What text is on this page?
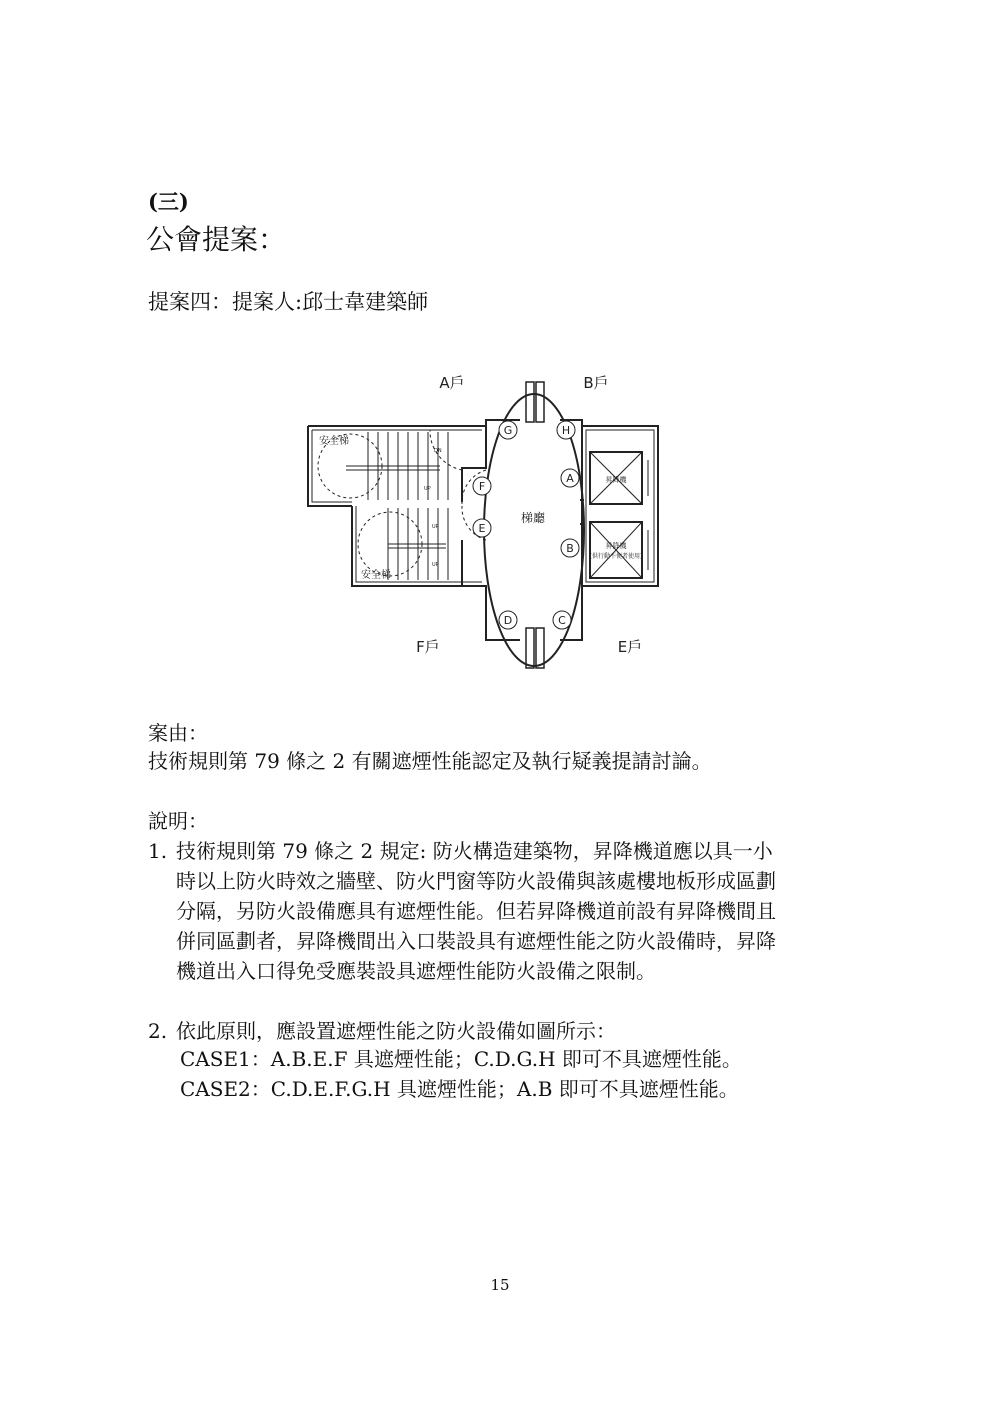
(三)
公會提案：
提案四：提案人:邱士韋建築師
G	H
A
B
F
E
D	C
A戶	B戶
F戶	E戶
梯廳
安全梯
安全梯
昇降機
昇降機
(供行動不便者使用)
DN
UP
UP
UP
案由：
技術規則第 79 條之 2 有關遮煙性能認定及執行疑義提請討論。
說明：
1. 技術規則第 79 條之 2 規定: 防火構造建築物，昇降機道應以具一小
時以上防火時效之牆壁、防火門窗等防火設備與該處樓地板形成區劃
分隔，另防火設備應具有遮煙性能。但若昇降機道前設有昇降機間且
併同區劃者，昇降機間出入口裝設具有遮煙性能之防火設備時，昇降
機道出入口得免受應裝設具遮煙性能防火設備之限制。
2. 依此原則，應設置遮煙性能之防火設備如圖所示：
CASE1：A.B.E.F 具遮煙性能；C.D.G.H 即可不具遮煙性能。
CASE2：C.D.E.F.G.H 具遮煙性能；A.B 即可不具遮煙性能。
15
